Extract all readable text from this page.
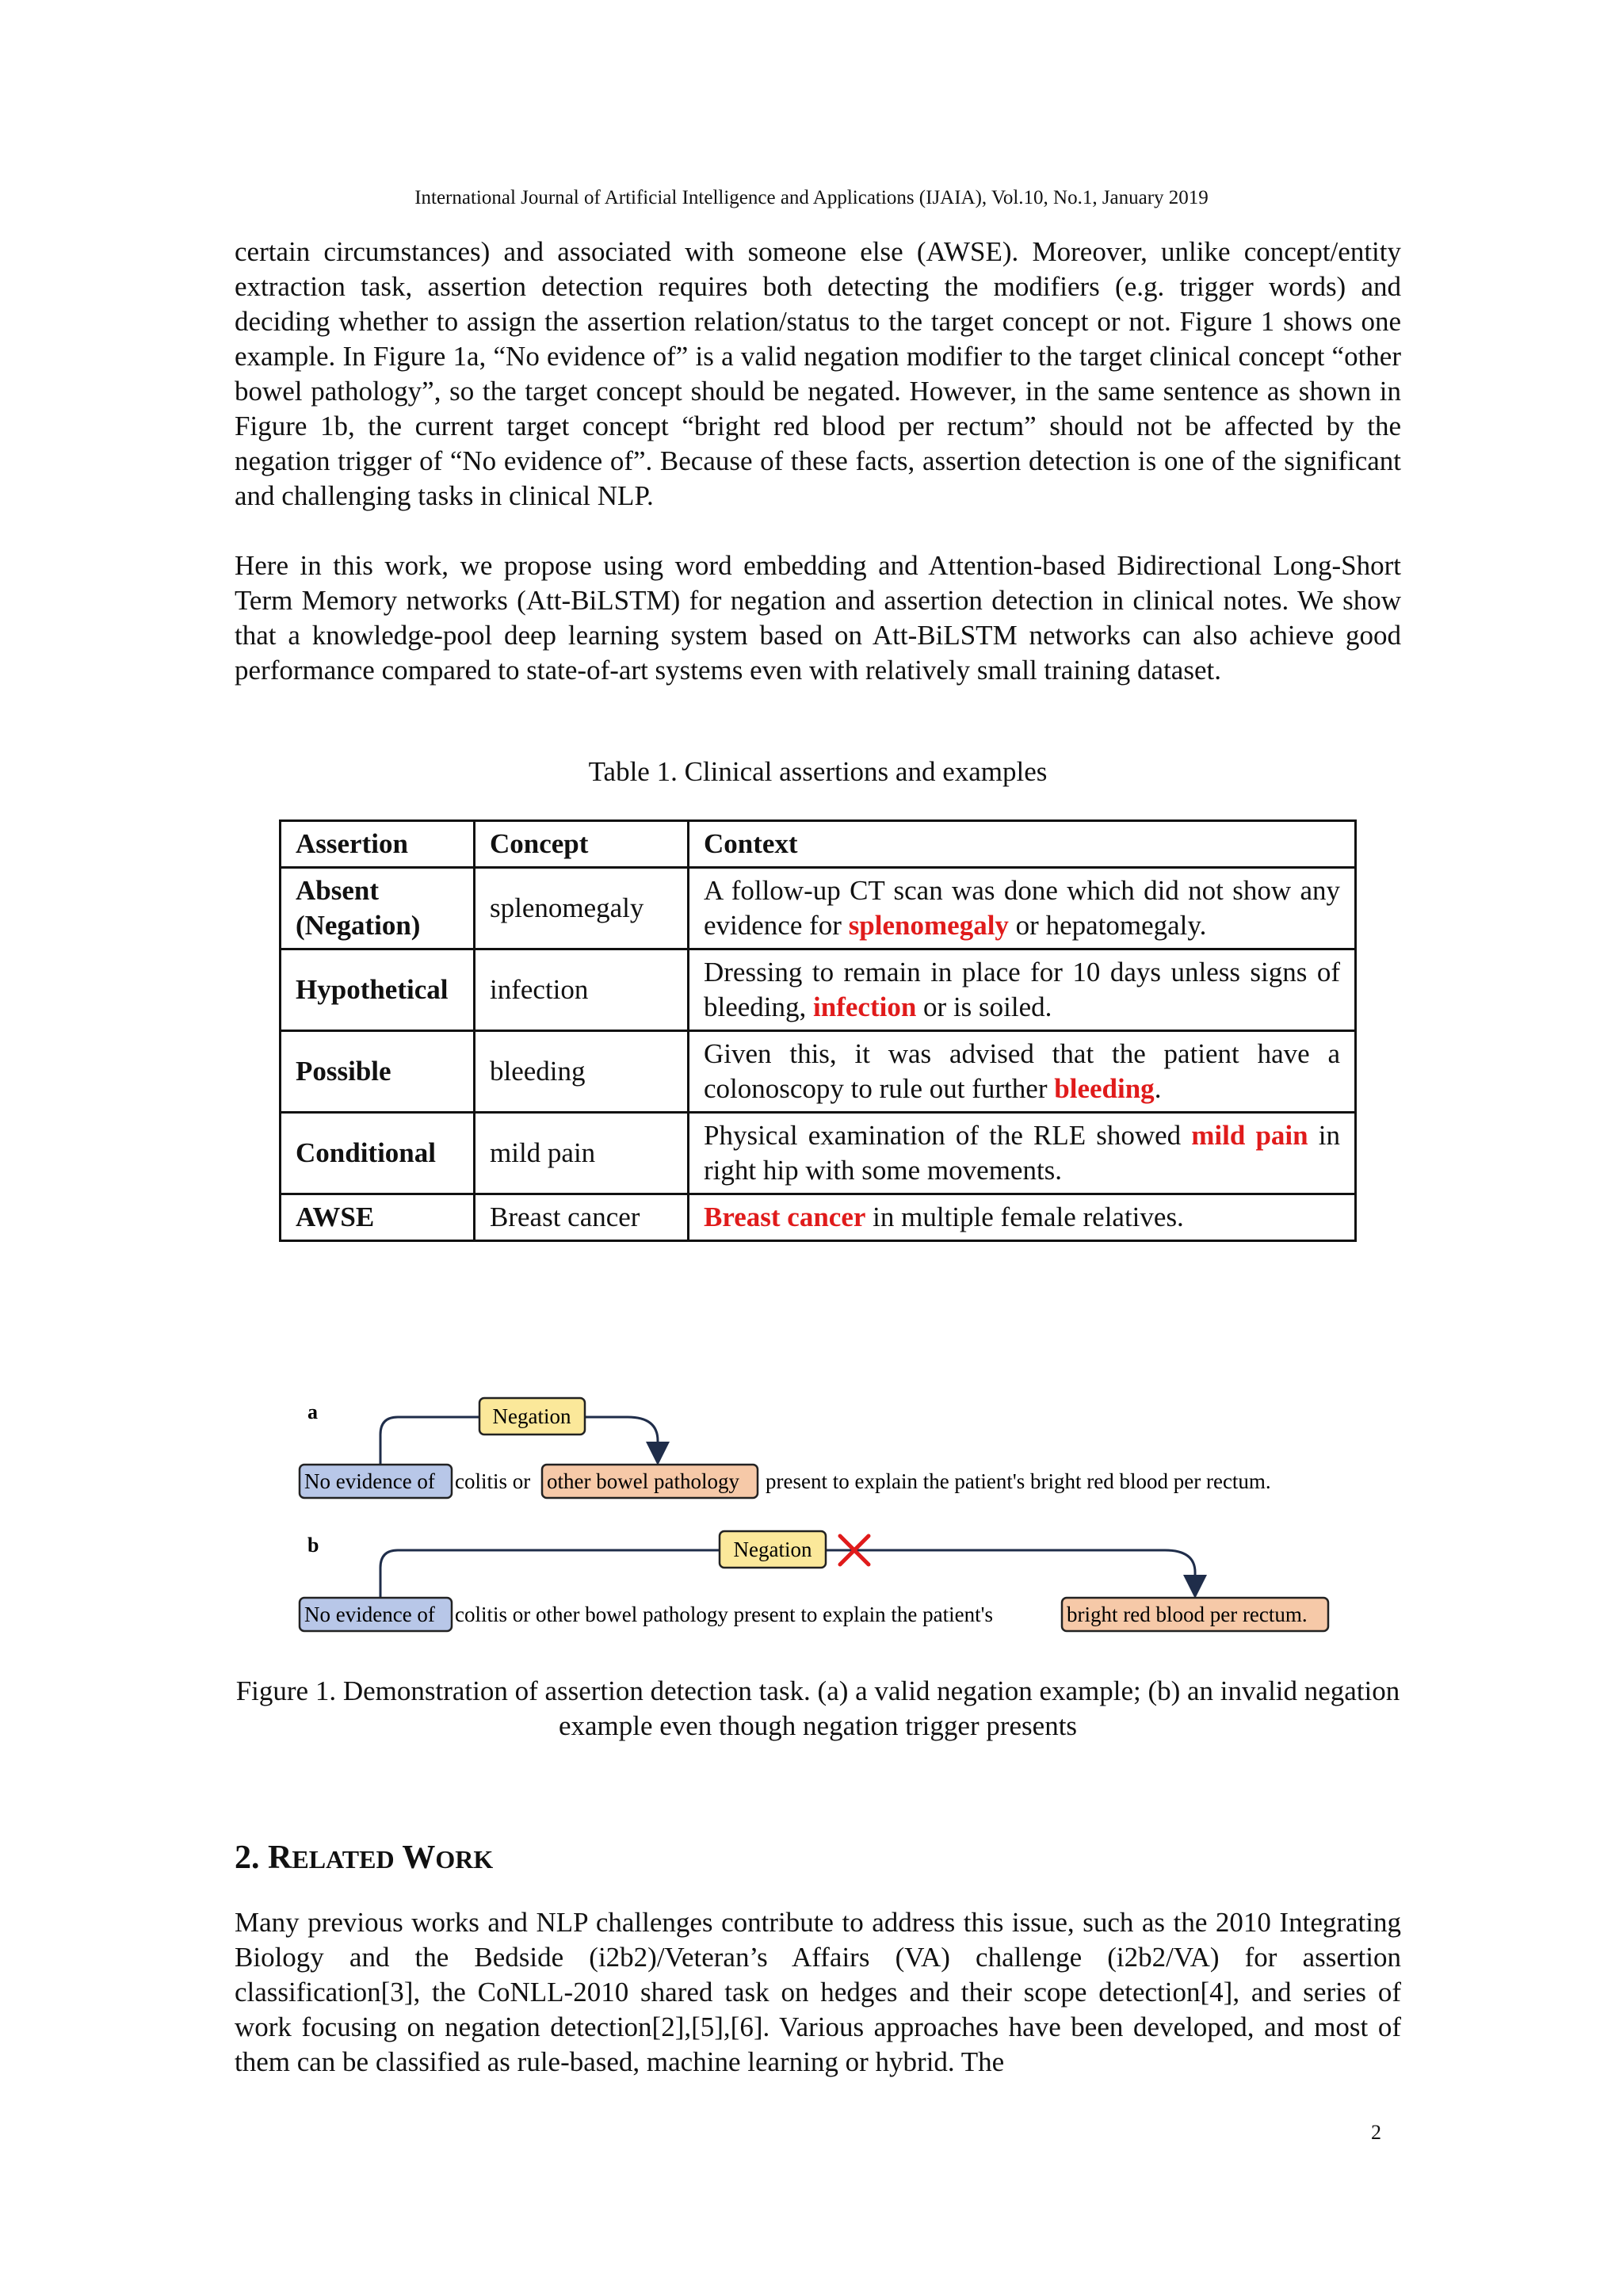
International Journal of Artificial Intelligence and Applications (IJAIA), Vol.10, No.1, January 2019

certain circumstances) and associated with someone else (AWSE). Moreover, unlike concept/entity extraction task, assertion detection requires both detecting the modifiers (e.g. trigger words) and deciding whether to assign the assertion relation/status to the target concept or not. Figure 1 shows one example. In Figure 1a, “No evidence of” is a valid negation modifier to the target clinical concept “other bowel pathology”, so the target concept should be negated. However, in the same sentence as shown in Figure 1b, the current target concept “bright red blood per rectum” should not be affected by the negation trigger of “No evidence of”. Because of these facts, assertion detection is one of the significant and challenging tasks in clinical NLP.

Here in this work, we propose using word embedding and Attention-based Bidirectional Long-Short Term Memory networks (Att-BiLSTM) for negation and assertion detection in clinical notes. We show that a knowledge-pool deep learning system based on Att-BiLSTM networks can also achieve good performance compared to state-of-art systems even with relatively small training dataset.

Table 1. Clinical assertions and examples

Assertion	Concept	Context
Absent (Negation)	splenomegaly	A follow-up CT scan was done which did not show any evidence for splenomegaly or hepatomegaly.
Hypothetical	infection	Dressing to remain in place for 10 days unless signs of bleeding, infection or is soiled.
Possible	bleeding	Given this, it was advised that the patient have a colonoscopy to rule out further bleeding.
Conditional	mild pain	Physical examination of the RLE showed mild pain in right hip with some movements.
AWSE	Breast cancer	Breast cancer in multiple female relatives.
a	Negation
No evidence of colitis or other bowel pathology present to explain the patient's bright red blood per rectum.
b	Negation
No evidence of colitis or other bowel pathology present to explain the patient's	bright red blood per rectum.

Figure 1. Demonstration of assertion detection task. (a) a valid negation example; (b) an invalid negation example even though negation trigger presents

2. RELATED WORK

Many previous works and NLP challenges contribute to address this issue, such as the 2010 Integrating Biology and the Bedside (i2b2)/Veteran’s Affairs (VA) challenge (i2b2/VA) for assertion classification[3], the CoNLL-2010 shared task on hedges and their scope detection[4], and series of work focusing on negation detection[2],[5],[6]. Various approaches have been developed, and most of them can be classified as rule-based, machine learning or hybrid. The

2
